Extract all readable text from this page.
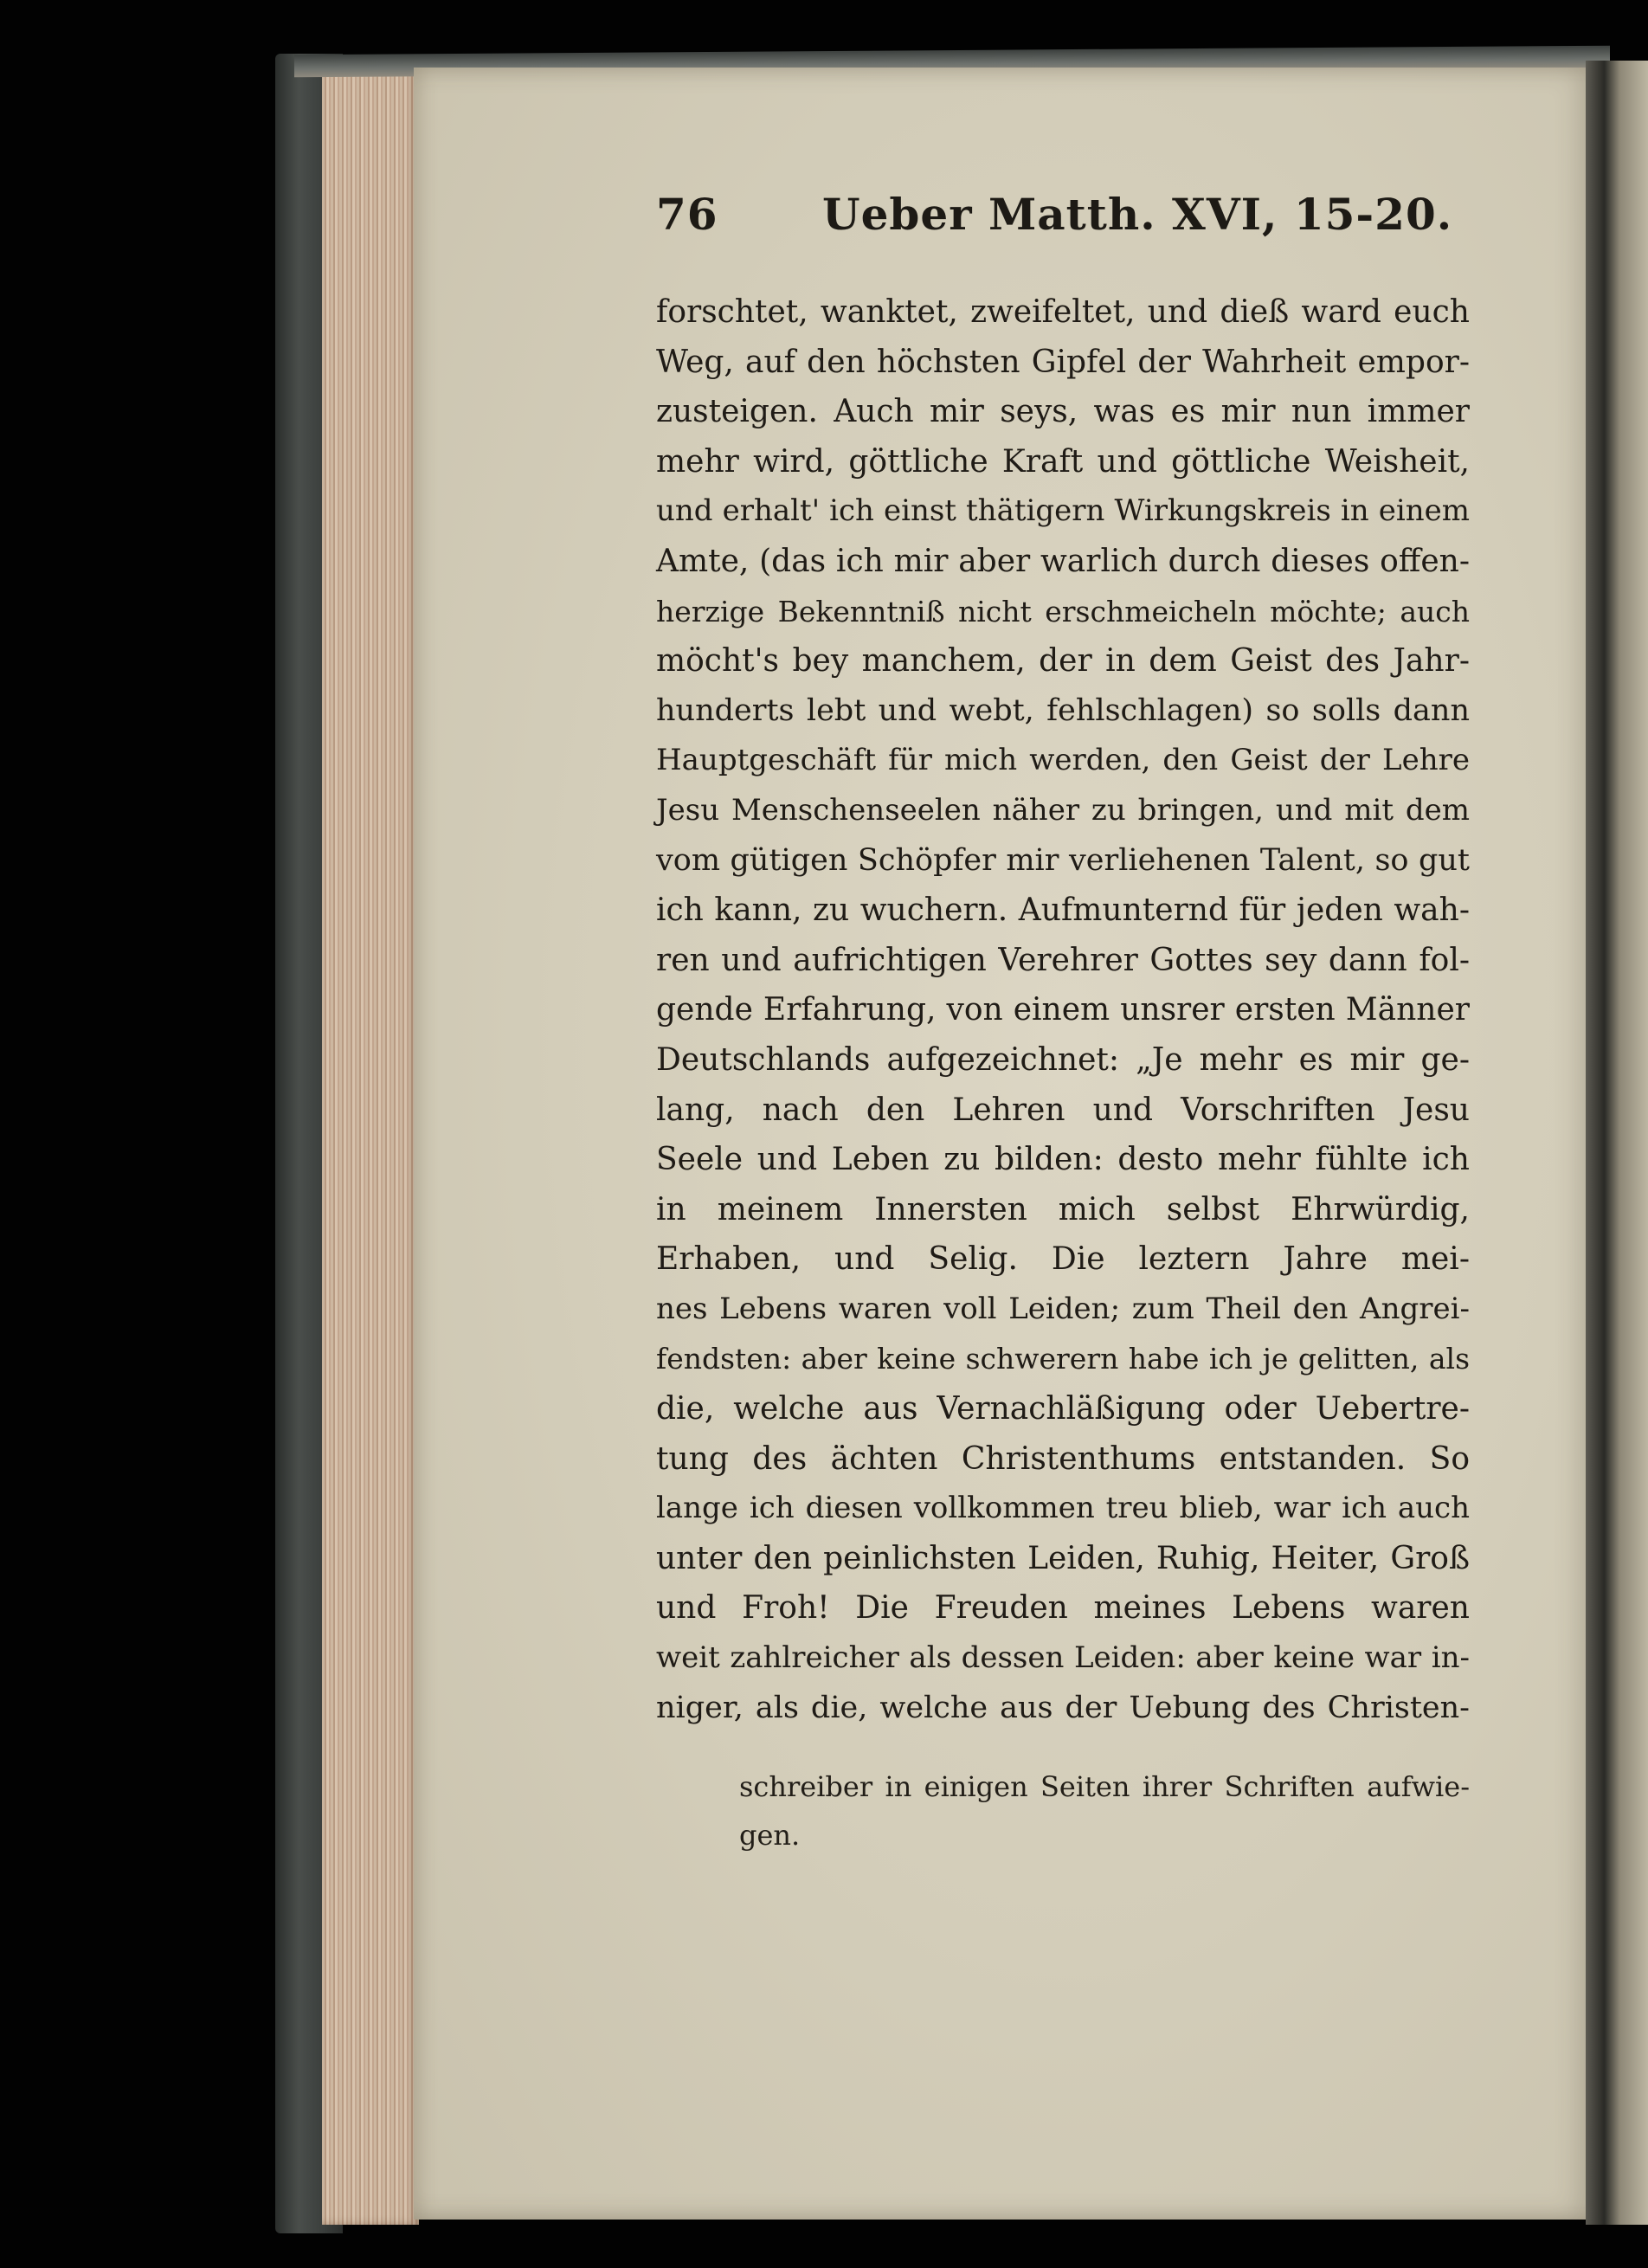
76 Ueber Matth. XVI, 15-20.
forschtet, wanktet, zweifeltet, und dieß ward euch
Weg, auf den höchsten Gipfel der Wahrheit empor-
zusteigen. Auch mir seys, was es mir nun immer
mehr wird, göttliche Kraft und göttliche Weisheit,
und erhalt' ich einst thätigern Wirkungskreis in einem
Amte, (das ich mir aber warlich durch dieses offen-
herzige Bekenntniß nicht erschmeicheln möchte; auch
möcht's bey manchem, der in dem Geist des Jahr-
hunderts lebt und webt, fehlschlagen) so solls dann
Hauptgeschäft für mich werden, den Geist der Lehre
Jesu Menschenseelen näher zu bringen, und mit dem
vom gütigen Schöpfer mir verliehenen Talent, so gut
ich kann, zu wuchern. Aufmunternd für jeden wah-
ren und aufrichtigen Verehrer Gottes sey dann fol-
gende Erfahrung, von einem unsrer ersten Männer
Deutschlands aufgezeichnet: „Je mehr es mir ge-
lang, nach den Lehren und Vorschriften Jesu
Seele und Leben zu bilden: desto mehr fühlte ich
in meinem Innersten mich selbst Ehrwürdig,
Erhaben, und Selig. Die leztern Jahre mei-
nes Lebens waren voll Leiden; zum Theil den Angrei-
fendsten: aber keine schwerern habe ich je gelitten, als
die, welche aus Vernachläßigung oder Uebertre-
tung des ächten Christenthums entstanden. So
lange ich diesen vollkommen treu blieb, war ich auch
unter den peinlichsten Leiden, Ruhig, Heiter, Groß
und Froh! Die Freuden meines Lebens waren
weit zahlreicher als dessen Leiden: aber keine war in-
niger, als die, welche aus der Uebung des Christen-
schreiber in einigen Seiten ihrer Schriften aufwie-
gen.
